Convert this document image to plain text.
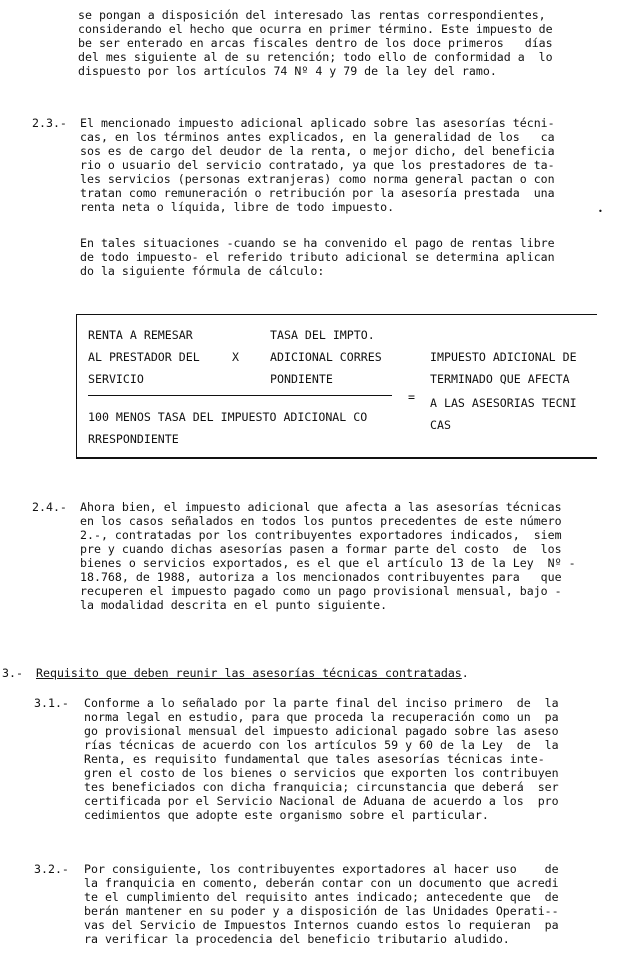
se pongan a disposición del interesado las rentas correspondientes,
considerando el hecho que ocurra en primer término. Este impuesto de
be ser enterado en arcas fiscales dentro de los doce primeros   días
del mes siguiente al de su retención; todo ello de conformidad a  lo
dispuesto por los artículos 74 Nº 4 y 79 de la ley del ramo.
2.3.- El mencionado impuesto adicional aplicado sobre las asesorías técni-
cas, en los términos antes explicados, en la generalidad de los   ca
sos es de cargo del deudor de la renta, o mejor dicho, del beneficia
rio o usuario del servicio contratado, ya que los prestadores de ta-
les servicios (personas extranjeras) como norma general pactan o con
tratan como remuneración o retribución por la asesoría prestada  una
renta neta o líquida, libre de todo impuesto.	•
En tales situaciones -cuando se ha convenido el pago de rentas libre
de todo impuesto- el referido tributo adicional se determina aplican
do la siguiente fórmula de cálculo:
RENTA A REMESAR
AL PRESTADOR DEL
SERVICIO
X
TASA DEL IMPTO.
ADICIONAL CORRES
PONDIENTE
100 MENOS TASA DEL IMPUESTO ADICIONAL CO
RRESPONDIENTE
=
IMPUESTO ADICIONAL DE
TERMINADO QUE AFECTA
A LAS ASESORIAS TECNI
CAS
2.4.- Ahora bien, el impuesto adicional que afecta a las asesorías técnicas
en los casos señalados en todos los puntos precedentes de este número
2.-, contratadas por los contribuyentes exportadores indicados,  siem
pre y cuando dichas asesorías pasen a formar parte del costo  de  los
bienes o servicios exportados, es el que el artículo 13 de la Ley  Nº -
18.768, de 1988, autoriza a los mencionados contribuyentes para   que
recuperen el impuesto pagado como un pago provisional mensual, bajo -
la modalidad descrita en el punto siguiente.
3.- Requisito que deben reunir las asesorías técnicas contratadas.
3.1.- Conforme a lo señalado por la parte final del inciso primero  de  la
norma legal en estudio, para que proceda la recuperación como un  pa
go provisional mensual del impuesto adicional pagado sobre las aseso
rías técnicas de acuerdo con los artículos 59 y 60 de la Ley  de  la
Renta, es requisito fundamental que tales asesorías técnicas inte-
gren el costo de los bienes o servicios que exporten los contribuyen
tes beneficiados con dicha franquicia; circunstancia que deberá  ser
certificada por el Servicio Nacional de Aduana de acuerdo a los  pro
cedimientos que adopte este organismo sobre el particular.
3.2.- Por consiguiente, los contribuyentes exportadores al hacer uso    de
la franquicia en comento, deberán contar con un documento que acredi
te el cumplimiento del requisito antes indicado; antecedente que  de
berán mantener en su poder y a disposición de las Unidades Operati--
vas del Servicio de Impuestos Internos cuando estos lo requieran  pa
ra verificar la procedencia del beneficio tributario aludido.
